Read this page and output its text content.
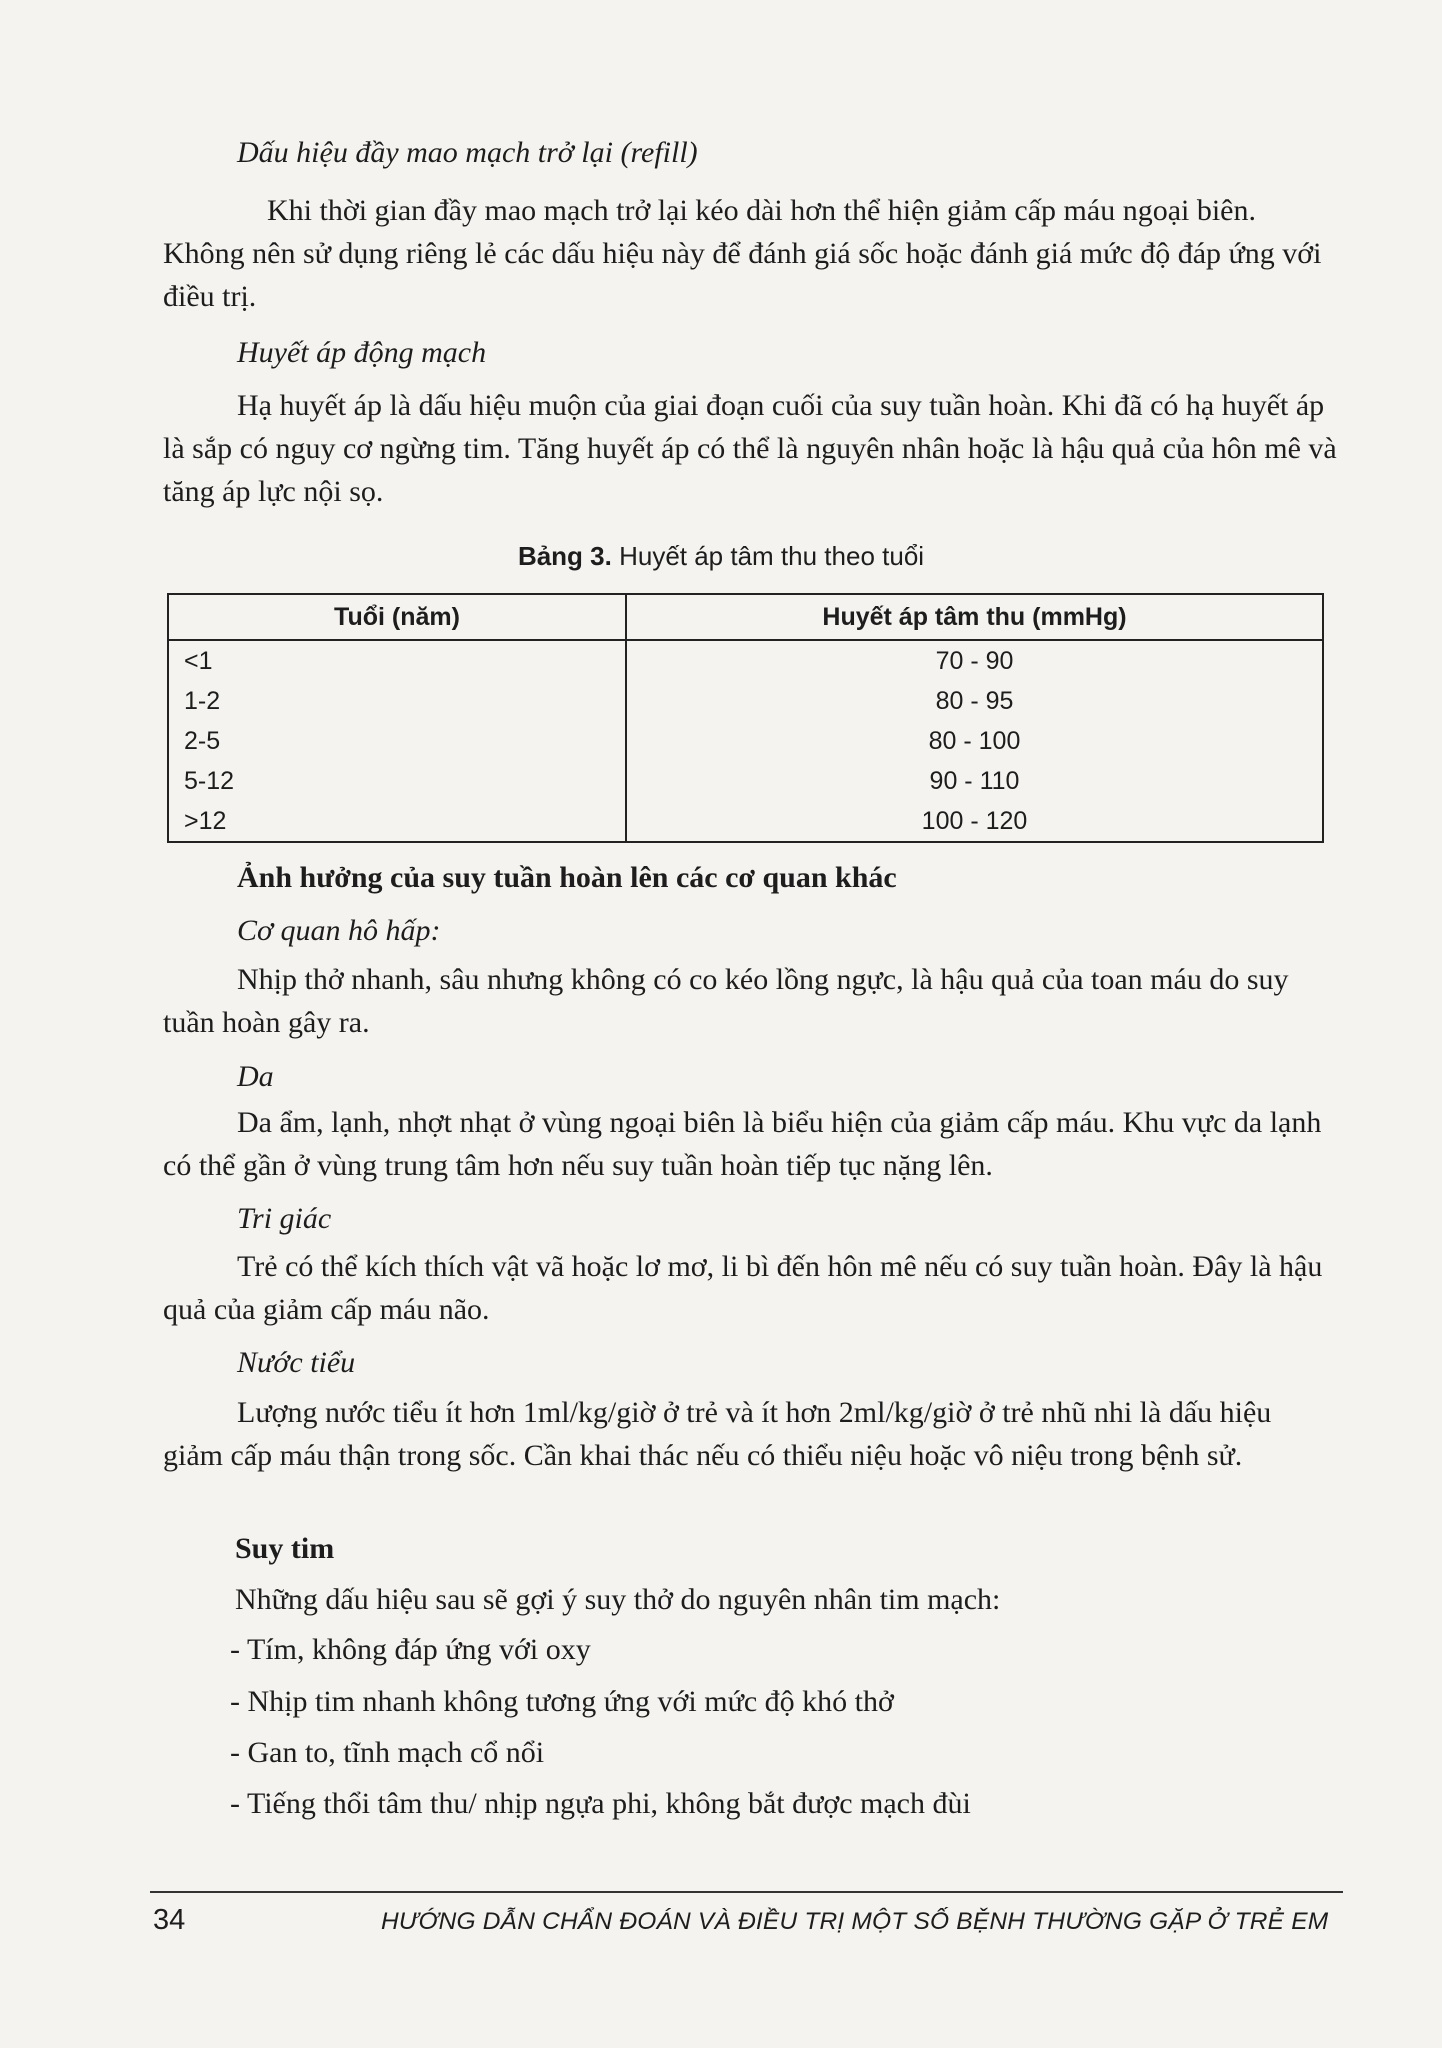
Dấu hiệu đầy mao mạch trở lại (refill)

Khi thời gian đầy mao mạch trở lại kéo dài hơn thể hiện giảm cấp máu ngoại biên. Không nên sử dụng riêng lẻ các dấu hiệu này để đánh giá sốc hoặc đánh giá mức độ đáp ứng với điều trị.

Huyết áp động mạch

Hạ huyết áp là dấu hiệu muộn của giai đoạn cuối của suy tuần hoàn. Khi đã có hạ huyết áp là sắp có nguy cơ ngừng tim. Tăng huyết áp có thể là nguyên nhân hoặc là hậu quả của hôn mê và tăng áp lực nội sọ.

Bảng 3. Huyết áp tâm thu theo tuổi

Tuổi (năm)	Huyết áp tâm thu (mmHg)
<1	70 - 90
1-2	80 - 95
2-5	80 - 100
5-12	90 - 110
>12	100 - 120

Ảnh hưởng của suy tuần hoàn lên các cơ quan khác

Cơ quan hô hấp:

Nhịp thở nhanh, sâu nhưng không có co kéo lồng ngực, là hậu quả của toan máu do suy tuần hoàn gây ra.

Da

Da ẩm, lạnh, nhợt nhạt ở vùng ngoại biên là biểu hiện của giảm cấp máu. Khu vực da lạnh có thể gần ở vùng trung tâm hơn nếu suy tuần hoàn tiếp tục nặng lên.

Tri giác

Trẻ có thể kích thích vật vã hoặc lơ mơ, li bì đến hôn mê nếu có suy tuần hoàn. Đây là hậu quả của giảm cấp máu não.

Nước tiểu

Lượng nước tiểu ít hơn 1ml/kg/giờ ở trẻ và ít hơn 2ml/kg/giờ ở trẻ nhũ nhi là dấu hiệu giảm cấp máu thận trong sốc. Cần khai thác nếu có thiểu niệu hoặc vô niệu trong bệnh sử.

Suy tim

Những dấu hiệu sau sẽ gợi ý suy thở do nguyên nhân tim mạch:

- Tím, không đáp ứng với oxy

- Nhịp tim nhanh không tương ứng với mức độ khó thở

- Gan to, tĩnh mạch cổ nổi

- Tiếng thổi tâm thu/ nhịp ngựa phi, không bắt được mạch đùi

34	HƯỚNG DẪN CHẨN ĐOÁN VÀ ĐIỀU TRỊ MỘT SỐ BỆNH THƯỜNG GẶP Ở TRẺ EM
